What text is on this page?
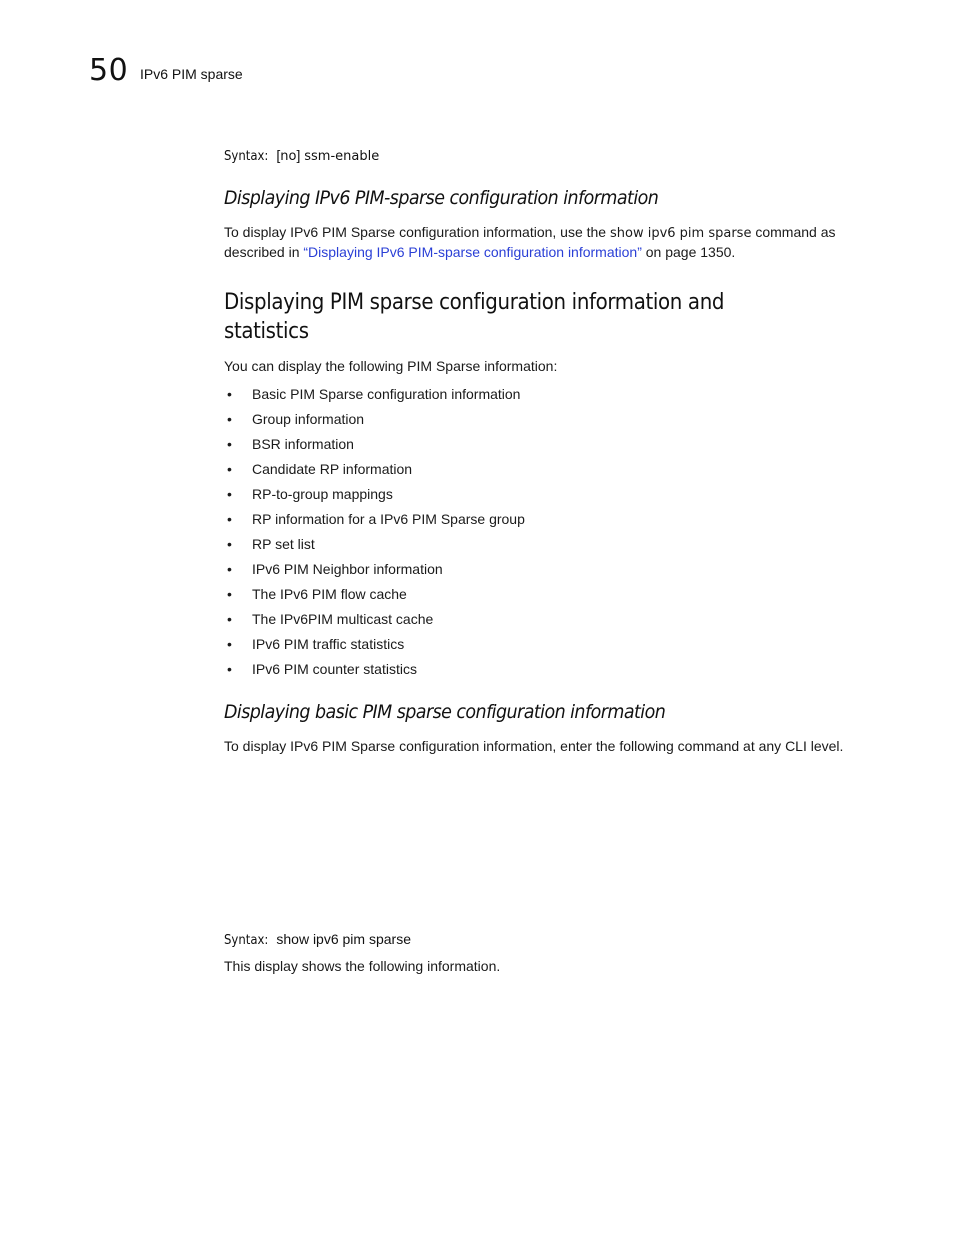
50 IPv6 PIM sparse
Syntax: [no] ssm-enable
Displaying IPv6 PIM-sparse configuration information
To display IPv6 PIM Sparse configuration information, use the show ipv6 pim sparse command as described in “Displaying IPv6 PIM-sparse configuration information” on page 1350.
Displaying PIM sparse configuration information and statistics
You can display the following PIM Sparse information:
• Basic PIM Sparse configuration information
• Group information
• BSR information
• Candidate RP information
• RP-to-group mappings
• RP information for a IPv6 PIM Sparse group
• RP set list
• IPv6 PIM Neighbor information
• The IPv6 PIM flow cache
• The IPv6PIM multicast cache
• IPv6 PIM traffic statistics
• IPv6 PIM counter statistics
Displaying basic PIM sparse configuration information
To display IPv6 PIM Sparse configuration information, enter the following command at any CLI level.
Syntax: show ipv6 pim sparse
This display shows the following information.
